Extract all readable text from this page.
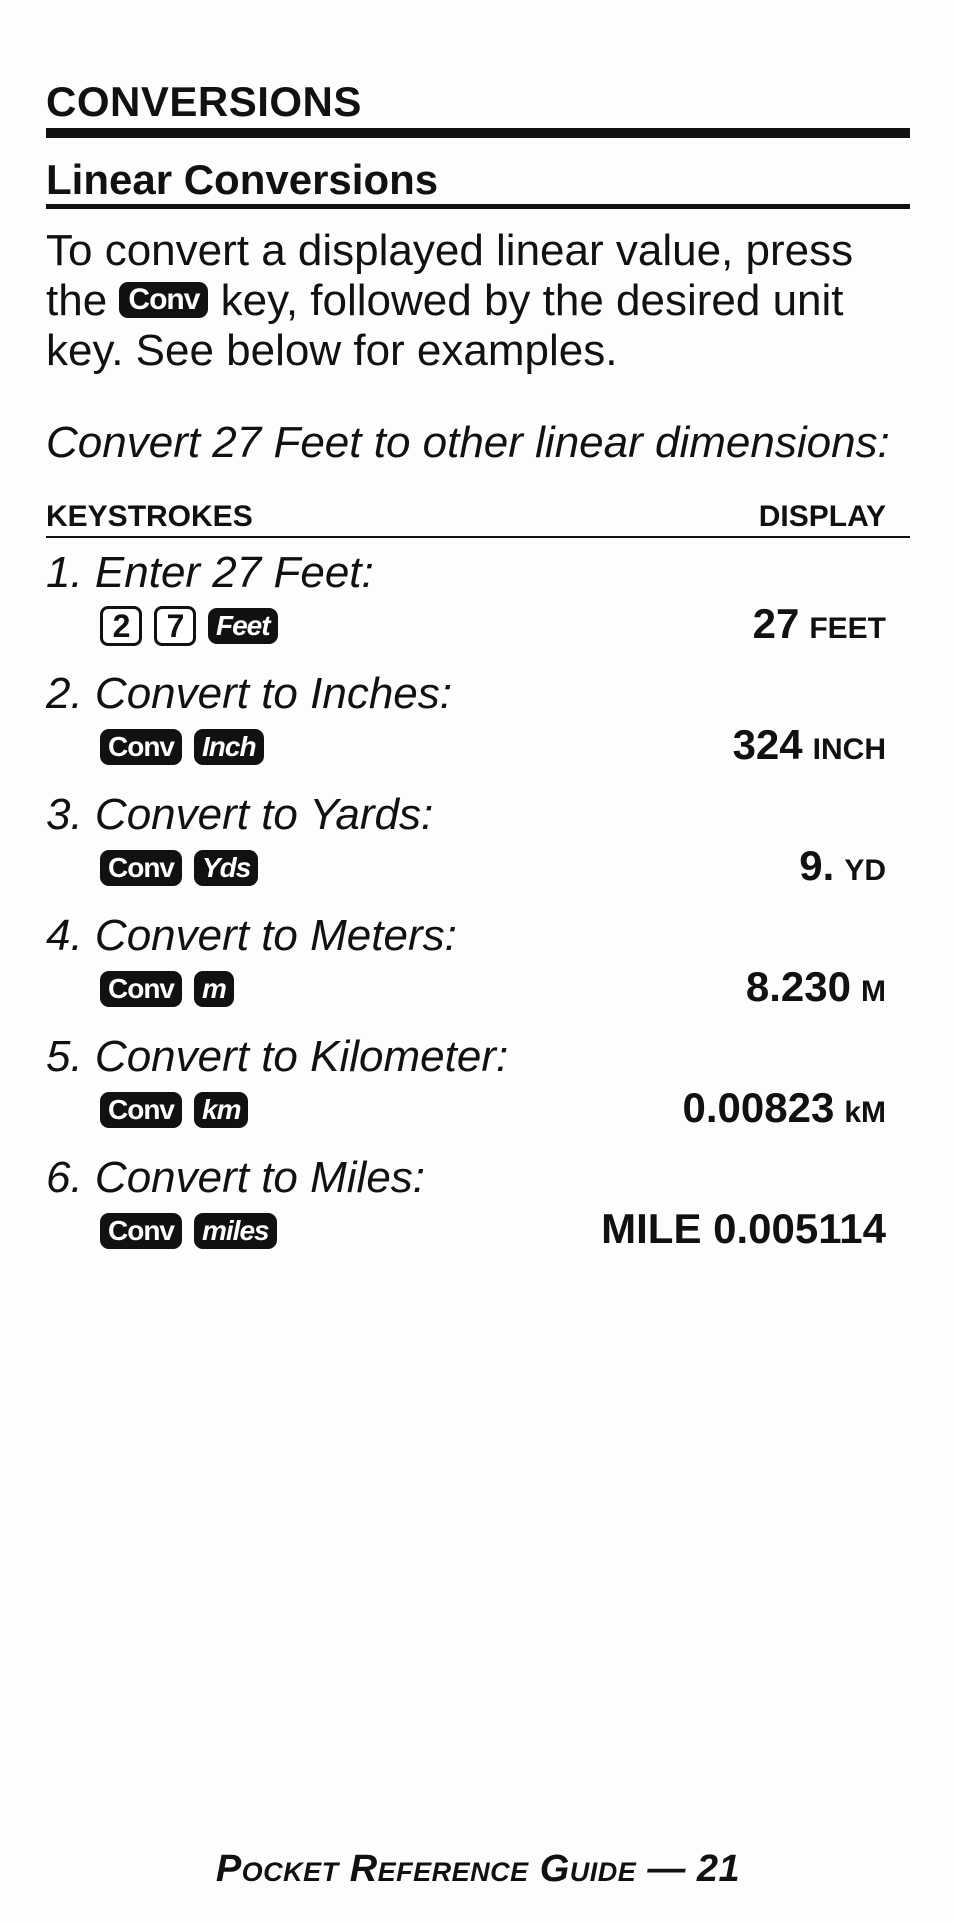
CONVERSIONS
Linear Conversions
To convert a displayed linear value, press
the Conv key, followed by the desired unit
key. See below for examples.
Convert 27 Feet to other linear dimensions:
KEYSTROKES	DISPLAY
1. Enter 27 Feet:
2	7	Feet	27 FEET
2. Convert to Inches:
Conv Inch	324 INCH
3. Convert to Yards:
Conv Yds	9. YD
4. Convert to Meters:
Conv m	8.230 M
5. Convert to Kilometer:
Conv km	0.00823 kM
6. Convert to Miles:
Conv miles	MILE 0.005114
Pocket Reference Guide — 21
